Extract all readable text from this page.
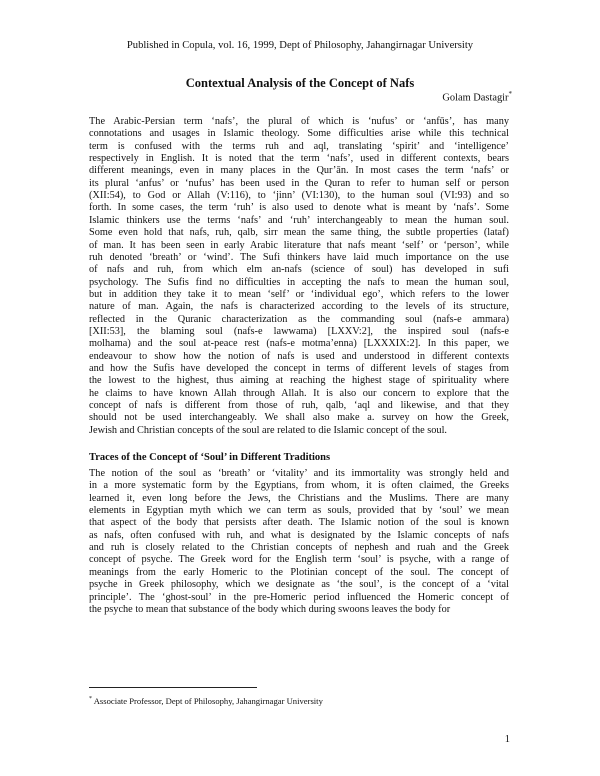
Published in Copula, vol. 16, 1999, Dept of Philosophy, Jahangirnagar University
Contextual Analysis of the Concept of Nafs
Golam Dastagir*
The Arabic-Persian term ‘nafs’, the plural of which is ‘nufus’ or ‘anfūs’, has many
connotations and usages in Islamic theology. Some difficulties arise while this technical
term is confused with the terms ruh and aql, translating ‘spirit’ and ‘intelligence’
respectively in English. It is noted that the term ‘nafs’, used in different contexts, bears
different meanings, even in many places in the Qur’ān. In most cases the term ‘nafs’ or
its plural ‘anfus’ or ‘nufus’ has been used in the Quran to refer to human self or person
(XII:54), to God or Allah (V:116), to ‘jinn’ (VI:130), to the human soul (VI:93) and so
forth. In some cases, the term ‘ruh’ is also used to denote what is meant by ‘nafs’. Some
Islamic thinkers use the terms ‘nafs’ and ‘ruh’ interchangeably to mean the human soul.
Some even hold that nafs, ruh, qalb, sirr mean the same thing, the subtle properties (lataf)
of man. It has been seen in early Arabic literature that nafs meant ‘self’ or ‘person’, while
ruh denoted ‘breath’ or ‘wind’. The Sufi thinkers have laid much importance on the use
of nafs and ruh, from which elm an-nafs (science of soul) has developed in sufi
psychology. The Sufis find no difficulties in accepting the nafs to mean the human soul,
but in addition they take it to mean ‘self’ or ‘individual ego’, which refers to the lower
nature of man. Again, the nafs is characterized according to the levels of its structure,
reflected in the Quranic characterization as the commanding soul (nafs-e ammara)
[XII:53], the blaming soul (nafs-e lawwama) [LXXV:2], the inspired soul (nafs-e
molhama) and the soul at-peace rest (nafs-e motma’enna) [LXXXIX:2]. In this paper, we
endeavour to show how the notion of nafs is used and understood in different contexts
and how the Sufis have developed the concept in terms of different levels of stages from
the lowest to the highest, thus aiming at reaching the highest stage of spirituality where
he claims to have known Allah through Allah. It is also our concern to explore that the
concept of nafs is different from those of ruh, qalb, ‘aql and likewise, and that they
should not be used interchangeably. We shall also make a. survey on how the Greek,
Jewish and Christian concepts of the soul are related to die Islamic concept of the soul.
Traces of the Concept of ‘Soul’ in Different Traditions
The notion of the soul as ‘breath’ or ‘vitality’ and its immortality was strongly held and
in a more systematic form by the Egyptians, from whom, it is often claimed, the Greeks
learned it, even long before the Jews, the Christians and the Muslims. There are many
elements in Egyptian myth which we can term as souls, provided that by ‘soul’ we mean
that aspect of the body that persists after death. The Islamic notion of the soul is known
as nafs, often confused with ruh, and what is designated by the Islamic concepts of nafs
and ruh is closely related to the Christian concepts of nephesh and ruah and the Greek
concept of psyche. The Greek word for the English term ‘soul’ is psyche, with a range of
meanings from the early Homeric to the Plotinian concept of the soul. The concept of
psyche in Greek philosophy, which we designate as ‘the soul’, is the concept of a ‘vital
principle’. The ‘ghost-soul’ in the pre-Homeric period influenced the Homeric concept of
the psyche to mean that substance of the body which during swoons leaves the body for
* Associate Professor, Dept of Philosophy, Jahangirnagar University
1
